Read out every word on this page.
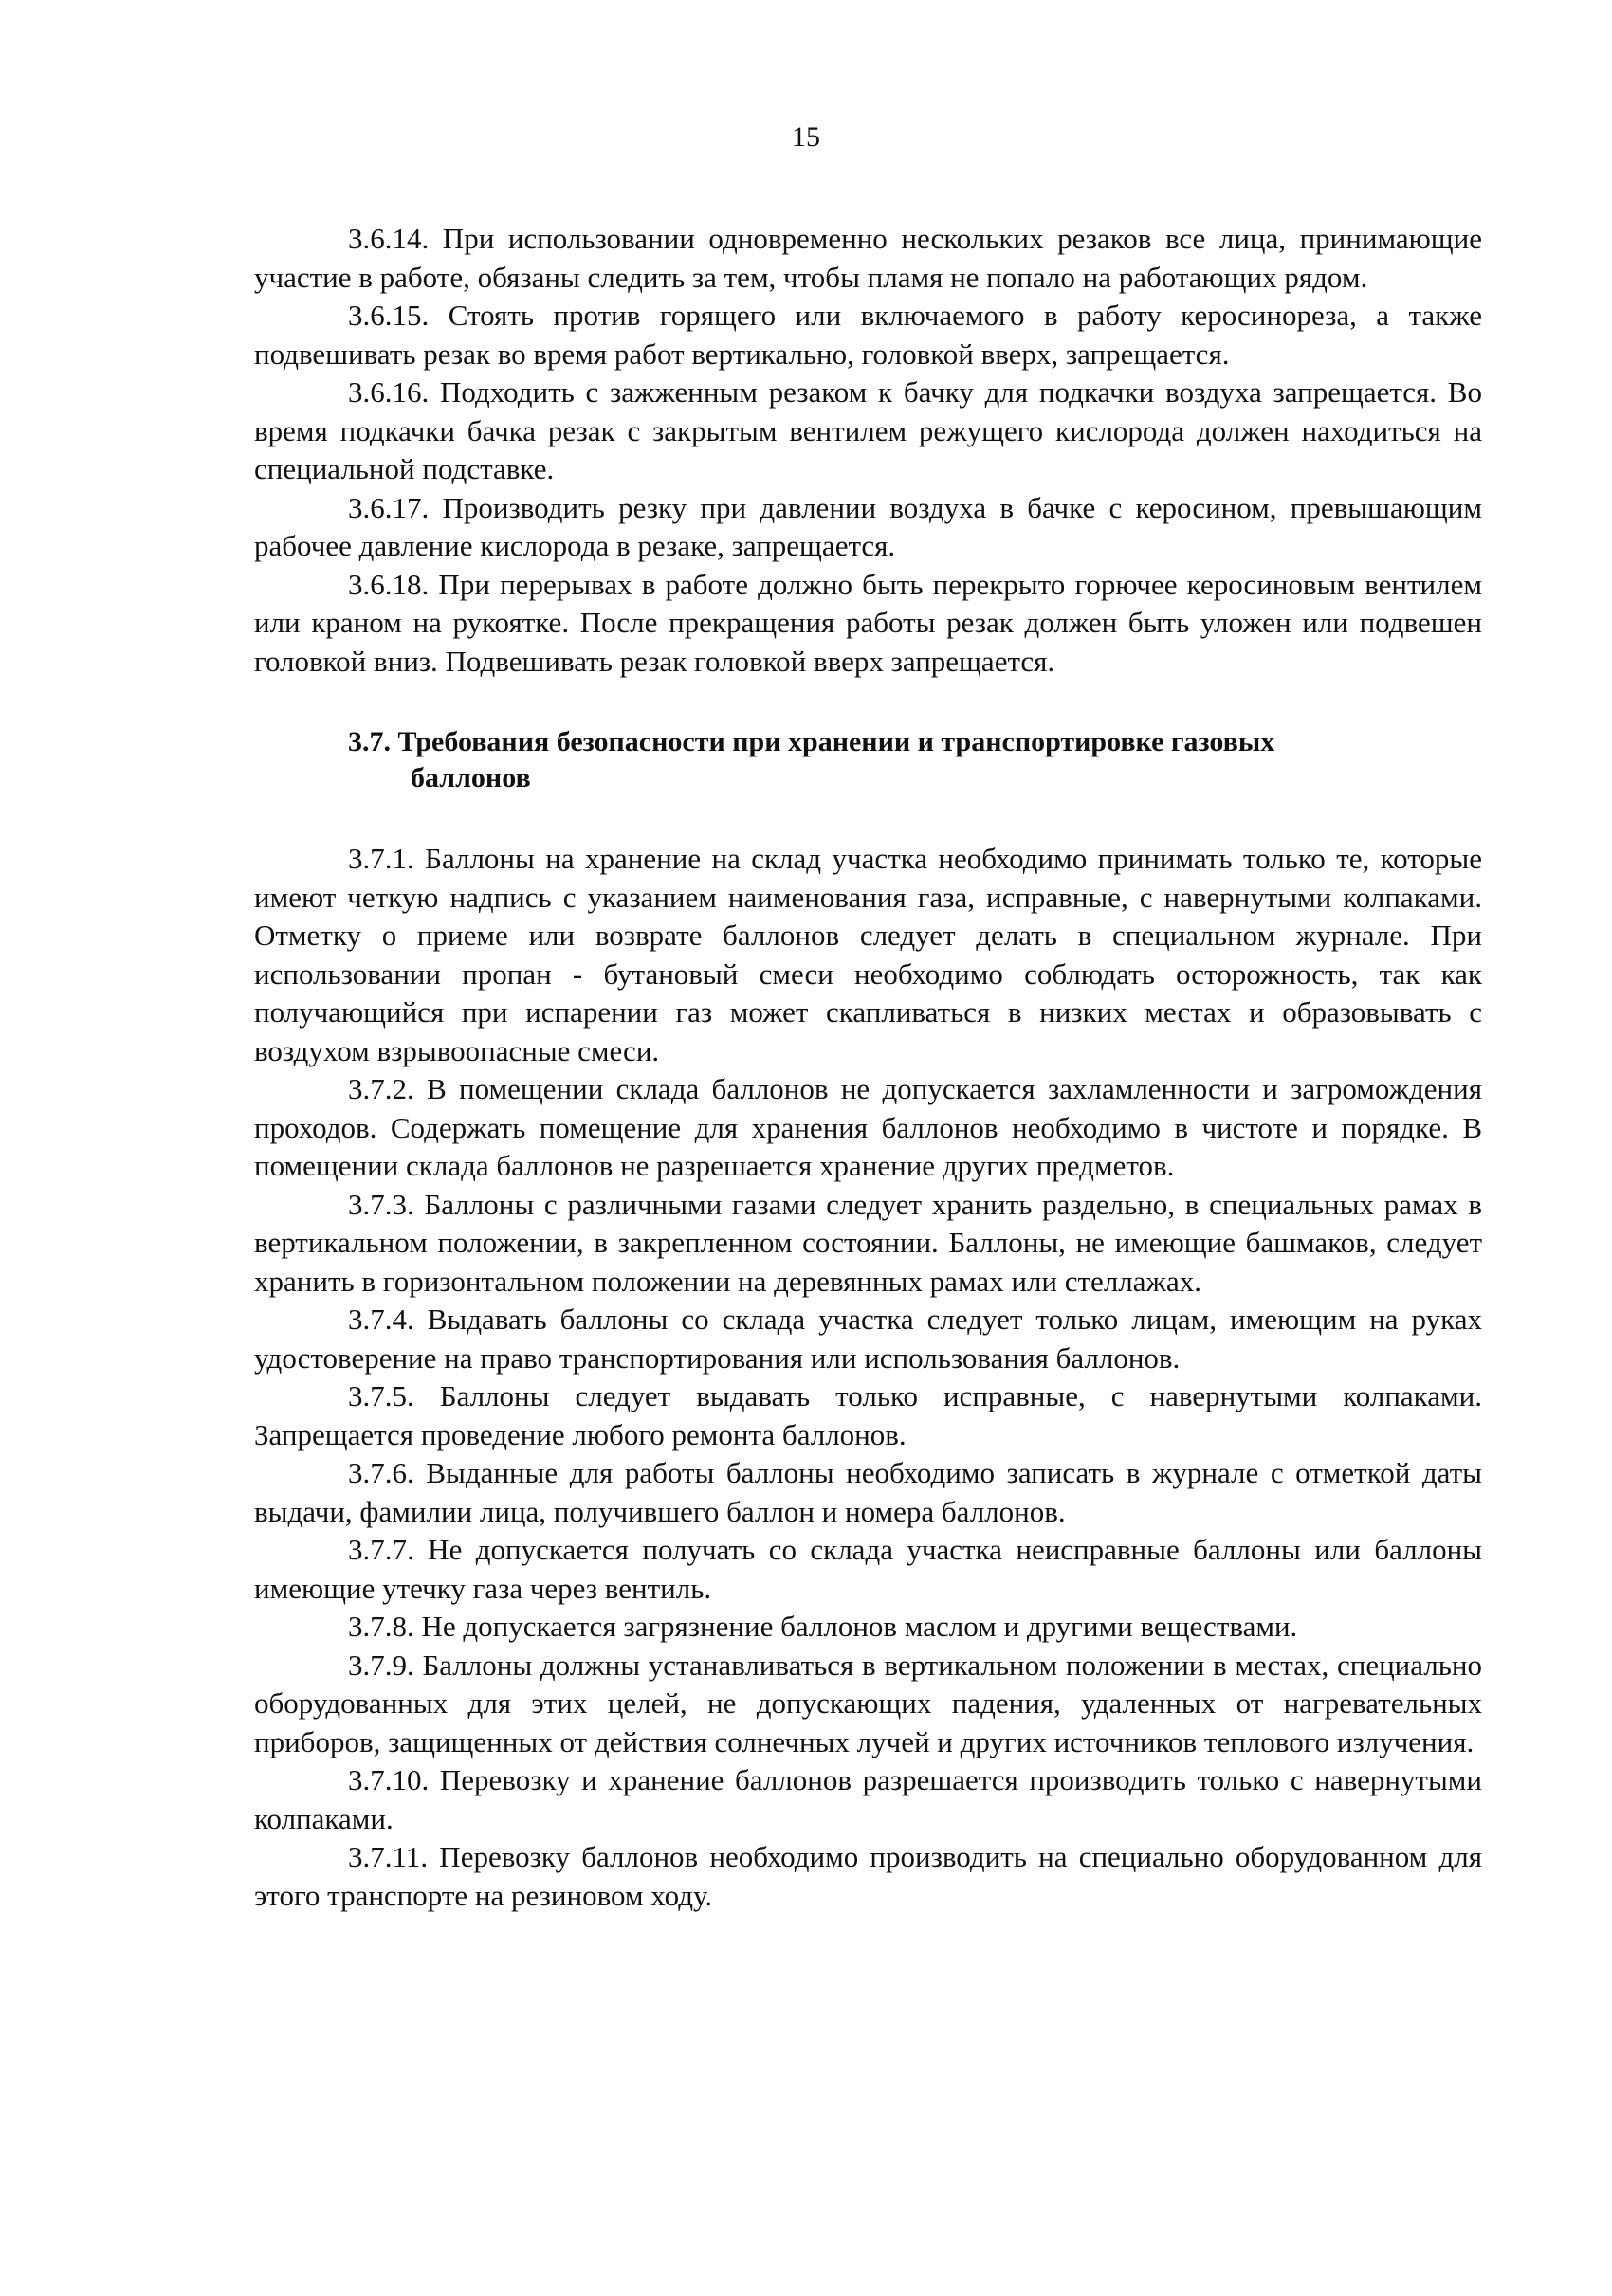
15

3.6.14. При использовании одновременно нескольких резаков все лица, принимающие участие в работе, обязаны следить за тем, чтобы пламя не попало на работающих рядом.

3.6.15. Стоять против горящего или включаемого в работу керосинореза, а также подвешивать резак во время работ вертикально, головкой вверх, запрещается.

3.6.16. Подходить с зажженным резаком к бачку для подкачки воздуха запрещается. Во время подкачки бачка резак с закрытым вентилем режущего кислорода должен находиться на специальной подставке.

3.6.17. Производить резку при давлении воздуха в бачке с керосином, превышающим рабочее давление кислорода в резаке, запрещается.

3.6.18. При перерывах в работе должно быть перекрыто горючее керосиновым вентилем или краном на рукоятке. После прекращения работы резак должен быть уложен или подвешен головкой вниз. Подвешивать резак головкой вверх запрещается.

3.7. Требования безопасности при хранении и транспортировке газовых
баллонов

3.7.1. Баллоны на хранение на склад участка необходимо принимать только те, которые имеют четкую надпись с указанием наименования газа, исправные, с навернутыми колпаками. Отметку о приеме или возврате баллонов следует делать в специальном журнале. При использовании пропан - бутановый смеси необходимо соблюдать осторожность, так как получающийся при испарении газ может скапливаться в низких местах и образовывать с воздухом взрывоопасные смеси.

3.7.2. В помещении склада баллонов не допускается захламленности и загромождения проходов. Содержать помещение для хранения баллонов необходимо в чистоте и порядке. В помещении склада баллонов не разрешается хранение других предметов.

3.7.3. Баллоны с различными газами следует хранить раздельно, в специальных рамах в вертикальном положении, в закрепленном состоянии. Баллоны, не имеющие башмаков, следует хранить в горизонтальном положении на деревянных рамах или стеллажах.

3.7.4. Выдавать баллоны со склада участка следует только лицам, имеющим на руках удостоверение на право транспортирования или использования баллонов.

3.7.5. Баллоны следует выдавать только исправные, с навернутыми колпаками. Запрещается проведение любого ремонта баллонов.

3.7.6. Выданные для работы баллоны необходимо записать в журнале с отметкой даты выдачи, фамилии лица, получившего баллон и номера баллонов.

3.7.7. Не допускается получать со склада участка неисправные баллоны или баллоны имеющие утечку газа через вентиль.

3.7.8. Не допускается загрязнение баллонов маслом и другими веществами.

3.7.9. Баллоны должны устанавливаться в вертикальном положении в местах, специально оборудованных для этих целей, не допускающих падения, удаленных от нагревательных приборов, защищенных от действия солнечных лучей и других источников теплового излучения.

3.7.10. Перевозку и хранение баллонов разрешается производить только с навернутыми колпаками.

3.7.11. Перевозку баллонов необходимо производить на специально оборудованном для этого транспорте на резиновом ходу.
